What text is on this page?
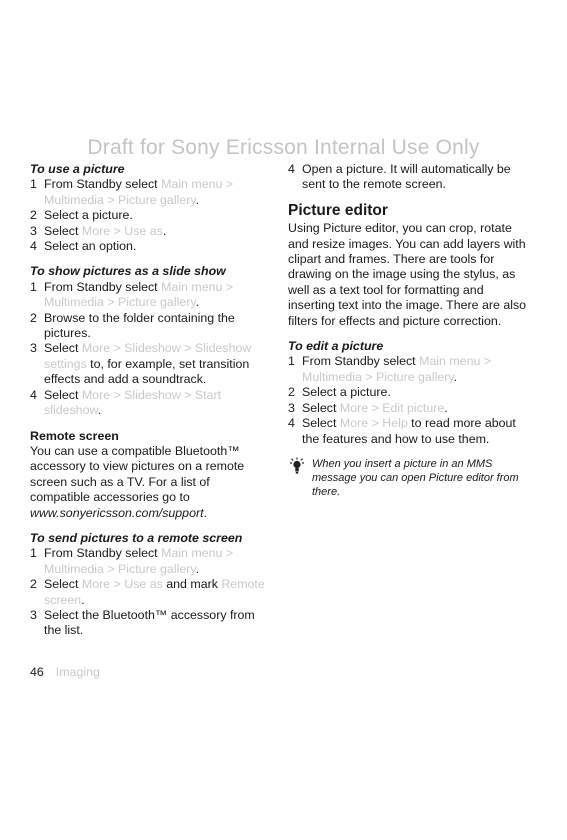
Draft for Sony Ericsson Internal Use Only

To use a picture

1 From Standby select Main menu > Multimedia > Picture gallery.
2 Select a picture.
3 Select More > Use as.
4 Select an option.

To show pictures as a slide show

1 From Standby select Main menu > Multimedia > Picture gallery.
2 Browse to the folder containing the pictures.
3 Select More > Slideshow > Slideshow settings to, for example, set transition effects and add a soundtrack.
4 Select More > Slideshow > Start slideshow.

Remote screen

You can use a compatible Bluetooth™ accessory to view pictures on a remote screen such as a TV. For a list of compatible accessories go to www.sonyericsson.com/support.

To send pictures to a remote screen

1 From Standby select Main menu > Multimedia > Picture gallery.
2 Select More > Use as and mark Remote screen.
3 Select the Bluetooth™ accessory from the list.
4 Open a picture. It will automatically be sent to the remote screen.

Picture editor

Using Picture editor, you can crop, rotate and resize images. You can add layers with clipart and frames. There are tools for drawing on the image using the stylus, as well as a text tool for formatting and inserting text into the image. There are also filters for effects and picture correction.

To edit a picture

1 From Standby select Main menu > Multimedia > Picture gallery.
2 Select a picture.
3 Select More > Edit picture.
4 Select More > Help to read more about the features and how to use them.
When you insert a picture in an MMS message you can open Picture editor from there.
46 Imaging
